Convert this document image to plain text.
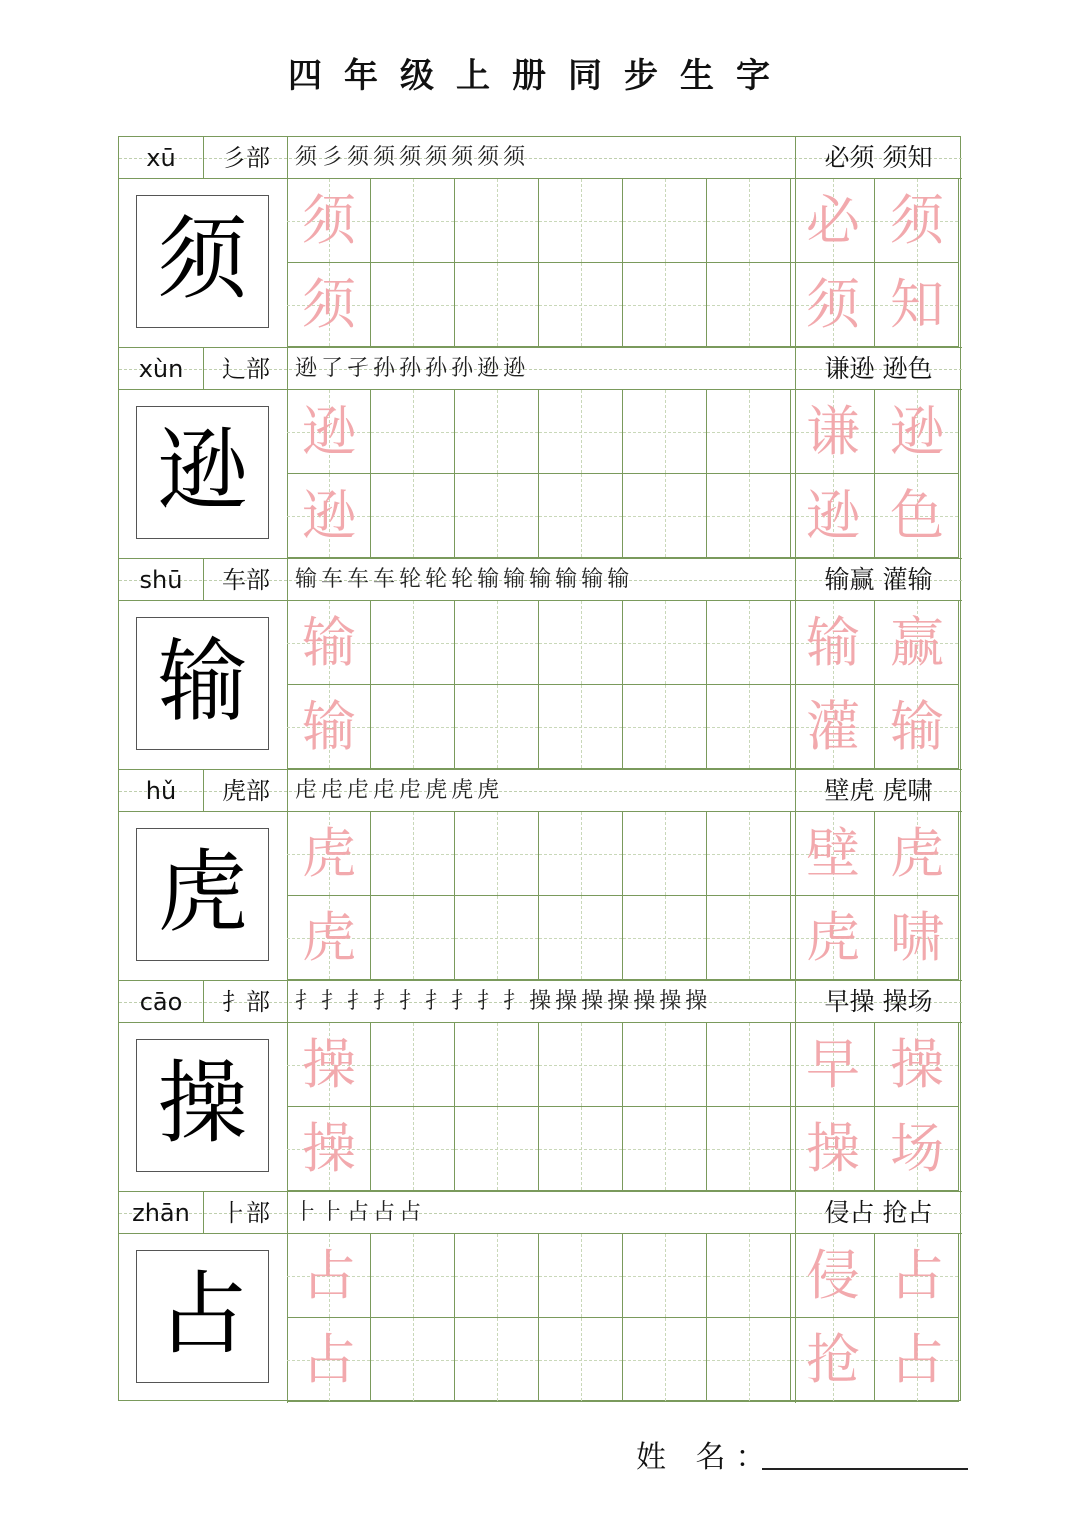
四年级上册同步生字
xū	彡部	须 彡 须 须 须 须 须 须 须	必须 须知
须	须	必 须
须	须 知
xùn	辶部	逊 了 孑 孙 孙 孙 孙 逊 逊	谦逊 逊色
逊	逊	谦 逊
逊	逊 色
shū	车部	输 车 车 车 轮 轮 轮 输 输 输 输 输 输	输赢 灌输
输	输	输 赢
输	灌 输
hǔ	虎部	虍 虍 虍 虍 虍 虎 虎 虎	壁虎 虎啸
虎	虎	壁 虎
虎	虎 啸
cāo	扌部	扌 扌 扌 扌 扌 扌 扌 扌 扌 操 操 操 操 操 操 操	早操 操场
操	操	早 操
操	操 场
zhān	⺊部	⺊ ⺊ 占 占 占	侵占 抢占
占	占	侵 占
占	抢 占
姓 名：
